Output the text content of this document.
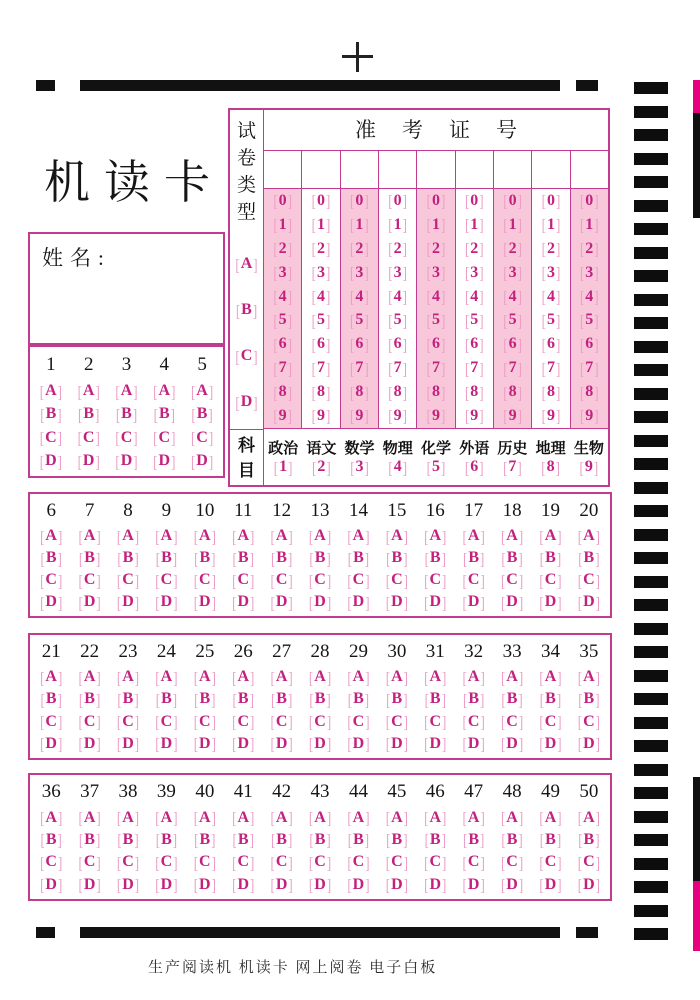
机读卡
姓名:
试
卷
类
型
[ A ]
[ B ]
[ C ]
[ D ]
科
目
准考证号
[ 0 ]
[ 1 ]
[ 2 ]
[ 3 ]
[ 4 ]
[ 5 ]
[ 6 ]
[ 7 ]
[ 8 ]
[ 9 ]
[ 0 ]
[ 1 ]
[ 2 ]
[ 3 ]
[ 4 ]
[ 5 ]
[ 6 ]
[ 7 ]
[ 8 ]
[ 9 ]
[ 0 ]
[ 1 ]
[ 2 ]
[ 3 ]
[ 4 ]
[ 5 ]
[ 6 ]
[ 7 ]
[ 8 ]
[ 9 ]
[ 0 ]
[ 1 ]
[ 2 ]
[ 3 ]
[ 4 ]
[ 5 ]
[ 6 ]
[ 7 ]
[ 8 ]
[ 9 ]
[ 0 ]
[ 1 ]
[ 2 ]
[ 3 ]
[ 4 ]
[ 5 ]
[ 6 ]
[ 7 ]
[ 8 ]
[ 9 ]
[ 0 ]
[ 1 ]
[ 2 ]
[ 3 ]
[ 4 ]
[ 5 ]
[ 6 ]
[ 7 ]
[ 8 ]
[ 9 ]
[ 0 ]
[ 1 ]
[ 2 ]
[ 3 ]
[ 4 ]
[ 5 ]
[ 6 ]
[ 7 ]
[ 8 ]
[ 9 ]
[ 0 ]
[ 1 ]
[ 2 ]
[ 3 ]
[ 4 ]
[ 5 ]
[ 6 ]
[ 7 ]
[ 8 ]
[ 9 ]
[ 0 ]
[ 1 ]
[ 2 ]
[ 3 ]
[ 4 ]
[ 5 ]
[ 6 ]
[ 7 ]
[ 8 ]
[ 9 ]
政治
[ 1 ]
语文
[ 2 ]
数学
[ 3 ]
物理
[ 4 ]
化学
[ 5 ]
外语
[ 6 ]
历史
[ 7 ]
地理
[ 8 ]
生物
[ 9 ]
1
[ A ]
[ B ]
[ C ]
[ D ]
2
[ A ]
[ B ]
[ C ]
[ D ]
3
[ A ]
[ B ]
[ C ]
[ D ]
4
[ A ]
[ B ]
[ C ]
[ D ]
5
[ A ]
[ B ]
[ C ]
[ D ]
6
[ A ]
[ B ]
[ C ]
[ D ]
7
[ A ]
[ B ]
[ C ]
[ D ]
8
[ A ]
[ B ]
[ C ]
[ D ]
9
[ A ]
[ B ]
[ C ]
[ D ]
10
[ A ]
[ B ]
[ C ]
[ D ]
11
[ A ]
[ B ]
[ C ]
[ D ]
12
[ A ]
[ B ]
[ C ]
[ D ]
13
[ A ]
[ B ]
[ C ]
[ D ]
14
[ A ]
[ B ]
[ C ]
[ D ]
15
[ A ]
[ B ]
[ C ]
[ D ]
16
[ A ]
[ B ]
[ C ]
[ D ]
17
[ A ]
[ B ]
[ C ]
[ D ]
18
[ A ]
[ B ]
[ C ]
[ D ]
19
[ A ]
[ B ]
[ C ]
[ D ]
20
[ A ]
[ B ]
[ C ]
[ D ]
21
[ A ]
[ B ]
[ C ]
[ D ]
22
[ A ]
[ B ]
[ C ]
[ D ]
23
[ A ]
[ B ]
[ C ]
[ D ]
24
[ A ]
[ B ]
[ C ]
[ D ]
25
[ A ]
[ B ]
[ C ]
[ D ]
26
[ A ]
[ B ]
[ C ]
[ D ]
27
[ A ]
[ B ]
[ C ]
[ D ]
28
[ A ]
[ B ]
[ C ]
[ D ]
29
[ A ]
[ B ]
[ C ]
[ D ]
30
[ A ]
[ B ]
[ C ]
[ D ]
31
[ A ]
[ B ]
[ C ]
[ D ]
32
[ A ]
[ B ]
[ C ]
[ D ]
33
[ A ]
[ B ]
[ C ]
[ D ]
34
[ A ]
[ B ]
[ C ]
[ D ]
35
[ A ]
[ B ]
[ C ]
[ D ]
36
[ A ]
[ B ]
[ C ]
[ D ]
37
[ A ]
[ B ]
[ C ]
[ D ]
38
[ A ]
[ B ]
[ C ]
[ D ]
39
[ A ]
[ B ]
[ C ]
[ D ]
40
[ A ]
[ B ]
[ C ]
[ D ]
41
[ A ]
[ B ]
[ C ]
[ D ]
42
[ A ]
[ B ]
[ C ]
[ D ]
43
[ A ]
[ B ]
[ C ]
[ D ]
44
[ A ]
[ B ]
[ C ]
[ D ]
45
[ A ]
[ B ]
[ C ]
[ D ]
46
[ A ]
[ B ]
[ C ]
[ D ]
47
[ A ]
[ B ]
[ C ]
[ D ]
48
[ A ]
[ B ]
[ C ]
[ D ]
49
[ A ]
[ B ]
[ C ]
[ D ]
50
[ A ]
[ B ]
[ C ]
[ D ]
生产阅读机 机读卡 网上阅卷 电子白板
